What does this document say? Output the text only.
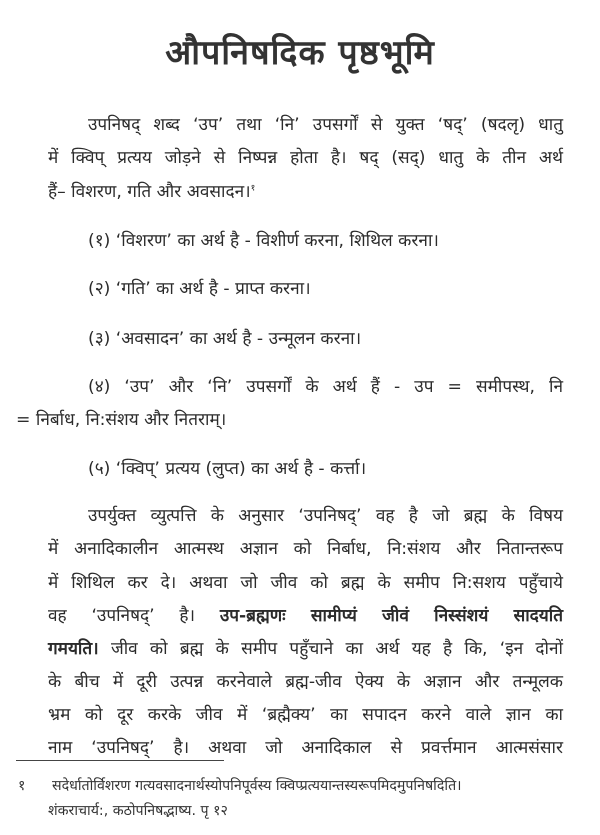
औपनिषदिक पृष्ठभूमि
उपनिषद् शब्द ‘उप’ तथा ‘नि’ उपसर्गों से युक्त ‘षद्’ (षदलृ) धातु
में क्विप् प्रत्यय जोड़ने से निष्पन्न होता है। षद् (सद्) धातु के तीन अर्थ
हैं– विशरण, गति और अवसादन।$^१$
(१) ‘विशरण’ का अर्थ है - विशीर्ण करना, शिथिल करना।
(२) ‘गति’ का अर्थ है - प्राप्त करना।
(३) ‘अवसादन’ का अर्थ है - उन्मूलन करना।
(४) ‘उप’ और ‘नि’ उपसर्गों के अर्थ हैं - उप = समीपस्थ, नि
= निर्बाध, नि:संशय और नितराम्।
(५) ‘क्विप्’ प्रत्यय (लुप्त) का अर्थ है - कर्त्ता।
उपर्युक्त व्युत्पत्ति के अनुसार ‘उपनिषद्’ वह है जो ब्रह्म के विषय
में अनादिकालीन आत्मस्थ अज्ञान को निर्बाध, नि:संशय और नितान्तरूप
में शिथिल कर दे। अथवा जो जीव को ब्रह्म के समीप नि:सशय पहुँचाये
वह ‘उपनिषद्’ है। उप-ब्रह्मणः सामीप्यं जीवं निस्संशयं सादयति
गमयति। जीव को ब्रह्म के समीप पहुँचाने का अर्थ यह है कि, ‘इन दोनों
के बीच में दूरी उत्पन्न करनेवाले ब्रह्म-जीव ऐक्य के अज्ञान और तन्मूलक
भ्रम को दूर करके जीव में ‘ब्रह्मैक्य’ का सपादन करने वाले ज्ञान का
नाम ‘उपनिषद्’ है। अथवा जो अनादिकाल से प्रवर्त्तमान आत्मसंसार
१ सदेर्धातोर्विशरण गत्यवसादनार्थस्योपनिपूर्वस्य क्विप्प्रत्ययान्तस्यरूपमिदमुपनिषदिति।
शंकराचार्य:, कठोपनिषद्भाष्य. पृ १२
